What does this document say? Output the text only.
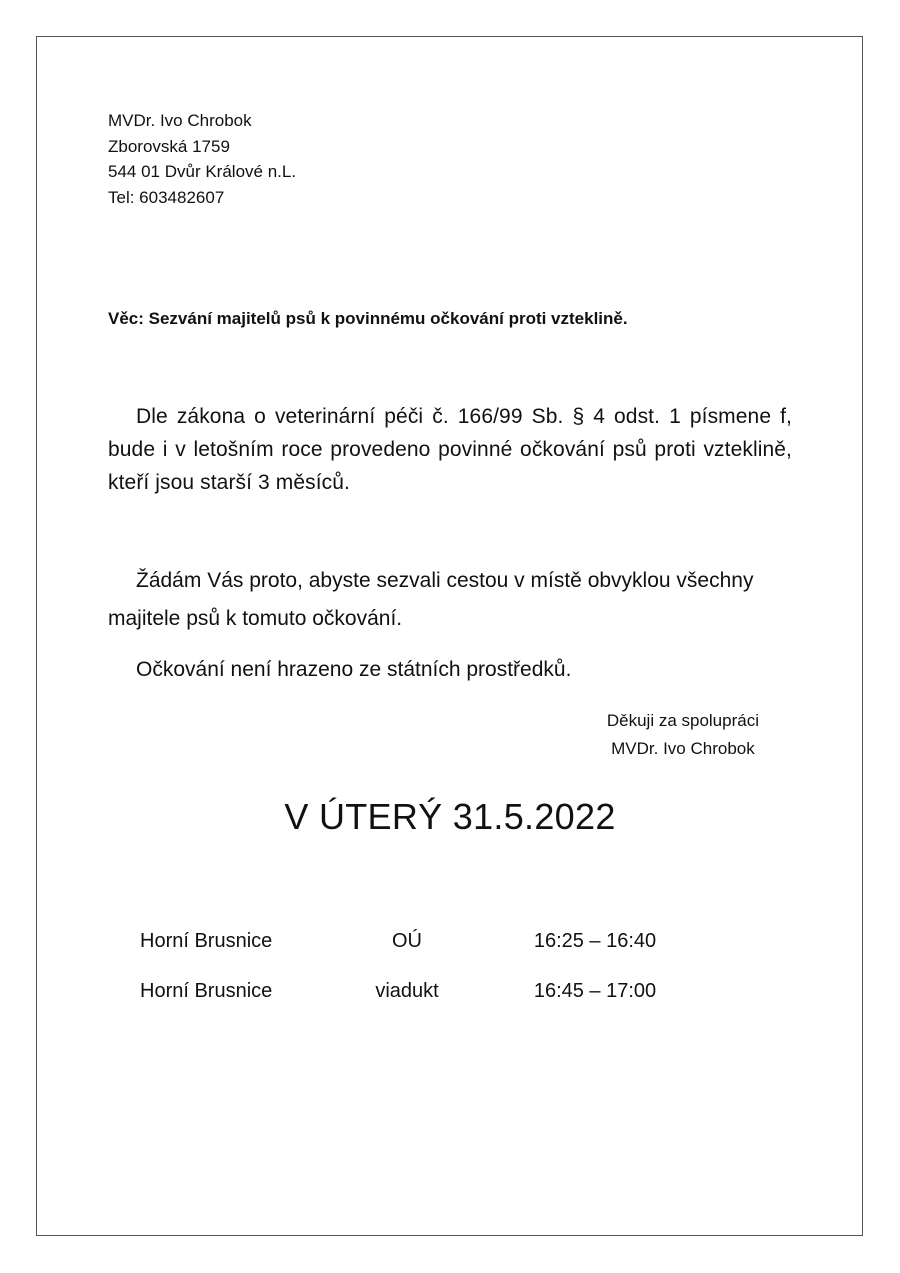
MVDr. Ivo Chrobok
Zborovská 1759
544 01 Dvůr Králové n.L.
Tel: 603482607
Věc: Sezvání majitelů psů k povinnému očkování proti vzteklině.
Dle zákona o veterinární péči č. 166/99 Sb. § 4 odst. 1 písmene f, bude i v letošním roce provedeno povinné očkování psů proti vzteklině, kteří jsou starší 3 měsíců.
Žádám Vás proto, abyste sezvali cestou v místě obvyklou všechny majitele psů k tomuto očkování.
Očkování není hrazeno ze státních prostředků.
Děkuji za spolupráci
MVDr. Ivo Chrobok
V ÚTERÝ 31.5.2022
Horní Brusnice	OÚ	16:25 – 16:40
Horní Brusnice	viadukt	16:45 – 17:00
